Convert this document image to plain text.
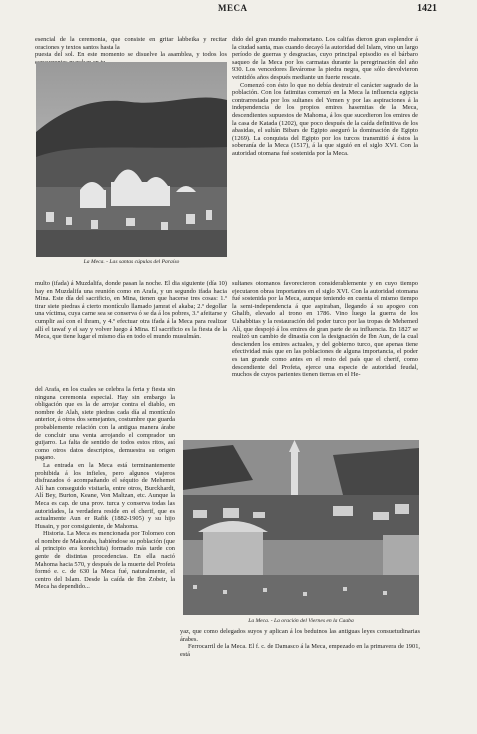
MECA	1421

esencial de la ceremonia, que consiste en gritar labbeika y recitar oraciones y textos santos hasta la

puesta del sol. En este momento se disuelve la asamblea, y todos los

dido del gran mundo mahometano. Los califas dieron gran esplendor á la ciudad santa, mas cuando decayó la autoridad del Islam, vino un largo período de guerras y desgracias, cuyo principal episodio es el bárbaro saqueo de la Meca por los carmatas durante la peregrinación del año 930. Los vencedores lleváronse la piedra negra, que sólo devolvieron veintidós años después mediante un fuerte rescate.

Comenzó con ésto lo que no debía destruir el carácter sagrado de la población. Con los fatimitas comenzó en la Meca la influencia egipcia contrarrestada por los sultanes del Yemen y por las aspiraciones á la independencia de los propios emires hasemitas de la Meca, descendientes supuestos de Mahoma, á los que sucedieron los emires de la casa de Katada (1202), que poco después de la caída definitiva de los abasidas, el sultán Bibars de Egipto aseguró la dominación de Egipto (1269). La conquista del Egipto por los turcos transmitió á éstos la soberanía de la Meca (1517), á la que siguió en el siglo XVI. Con la autoridad otomana fué sostenida por la Meca.

La Meca. - Las santas cúpulas del Paraíso

multo (ifada) á Muzdalifa, donde pasan la noche. El dia siguiente (día 10) hay en Muzdalifa una reunión como en Arafa, y un segundo ifada hacia Mina. Este día del sacrificio, en Mina, tienen que hacerse tres cosas: 1.º tirar siete piedras á cierto montículo llamado jamrat el akaba; 2.º degollar una víctima, cuya carne sea se conserva ó se da á los pobres, 3.º afeitarse y cumplir así con el ihram, y 4.º efectuar otra ifada á la Meca para realizar allí el tawaf y el say y volver luego á Mina. El sacrificio es la fiesta de la Meca, que tiene lugar el mismo día en todo el mundo musulmán.

sultanes otomanos favorecieron considerablemente y en cuyo tiempo ejecutaron obras importantes en el siglo XVI. Con la autoridad otomana fué sostenida por la Meca, aunque teniendo en cuenta el mismo tiempo la semi-independencia á que aspiraban, llegando á su apogeo con Ghalib, elevado al trono en 1786. Vino luego la guerra de los Uahabbitas y la restauración del poder turco por las tropas de Mehemed Alí, que despojó á los emires de gran parte de su influencia. En 1827 se realizó un cambio de dinastía con la designación de Ibn Aun, de la cual descienden los emires actuales, y del gobierno turco, que apenas tiene efectividad más que en las poblaciones de alguna importancia, el poder es tan grande como antes en el resto del país que el cherif, como descendiente del Profeta, ejerce una especie de autoridad feudal, muchos de cuyos parientes tienen tierras en el He-

del Arafa, en los cuales se celebra la feria y fiesta sin ninguna ceremonia especial. Hay sin embargo la obligación que es la de arrojar contra el diablo, en nombre de Alah, siete piedras cada día al montículo anterior, á otros dos semejantes, costumbre que guarda probablemente relación con la antigua manera árabe de concluir una venta arrojando el comprador un guijarro. La falta de sentido de todos estos ritos, así como otros datos descriptos, demuestra su origen pagano.

La entrada en la Meca está terminantemente prohibida á los infieles, pero algunos viajeros disfrazados ó acompañando el séquito de Mehemet Alí han conseguido visitarla, entre otros, Burckhardt, Alí Bey, Burton, Keane, Von Maltzan, etc. Aunque la Meca es cap. de una prov. turca y conserva todas las autoridades, la verdadera reside en el cherif, que es actualmente Aun er Rafik (1882-1905) y su hijo Husain, y por consiguiente, de Mahoma.

Historia. La Meca es mencionada por Tolomeo con el nombre de Makoraba, habiéndose su población (que al principio era koreichita) formado más tarde con gente de distintas procedencias. En ella nació Mahoma hacia 570, y después de la muerte del Profeta formó e. c. de 630 la Meca fué, naturalmente, el centro del Islam. Desde la caída de Ibn Zobeir, la Meca ha dependido...

La Meca. - La oración del Viernes en la Caaba

yaz, que como delegados suyos y aplican á los beduinos las antiguas leyes consuetudinarias árabes.

Ferrocarril de la Meca. El f. c. de Damasco á la Meca, empezado en la primavera de 1901, está
